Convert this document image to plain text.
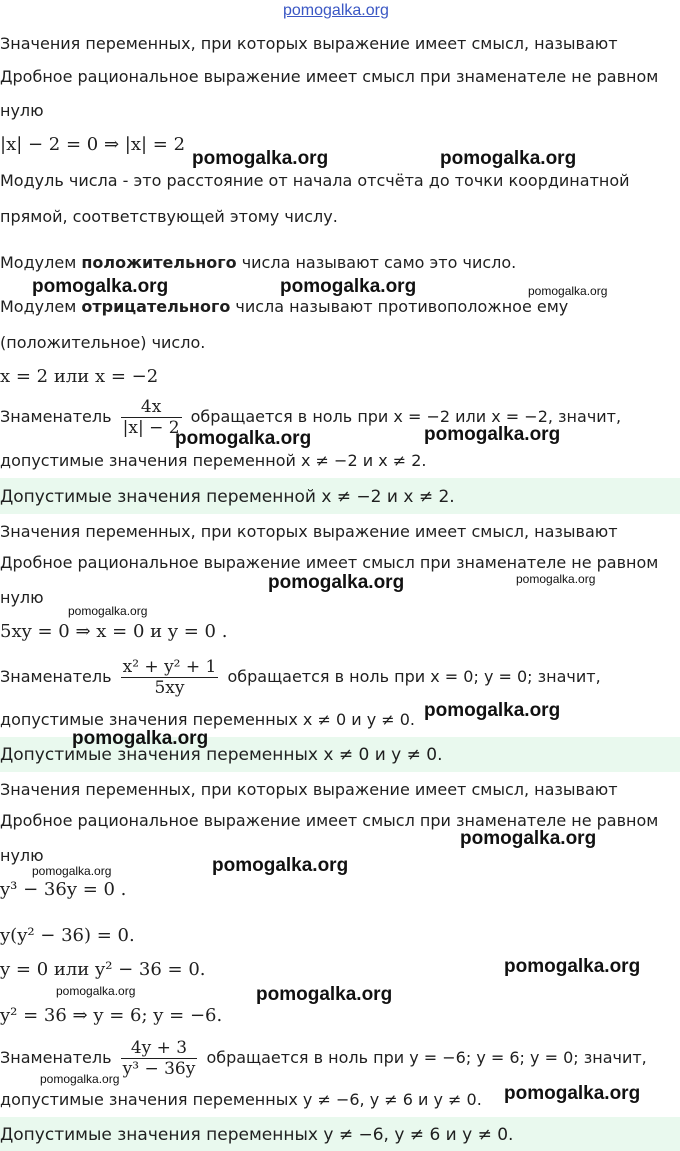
pomogalka.org
Значения переменных, при которых выражение имеет смысл, называют
Дробное рациональное выражение имеет смысл при знаменателе не равном
нулю
|x| − 2 = 0 ⇒ |x| = 2
Модуль числа - это расстояние от начала отсчёта до точки координатной
прямой, соответствующей этому числу.
Модулем положительного числа называют само это число.
Модулем отрицательного числа называют противоположное ему
(положительное) число.
x = 2 или x = −2
Знаменатель $\frac{4x}{|x| - 2}$ обращается в ноль при x = −2 или x = −2, значит,
допустимые значения переменной x ≠ −2 и x ≠ 2.
Допустимые значения переменной x ≠ −2 и x ≠ 2.
Значения переменных, при которых выражение имеет смысл, называют
Дробное рациональное выражение имеет смысл при знаменателе не равном
нулю
5xy = 0 ⇒ x = 0 и y = 0 .
Знаменатель $\frac{\text{x² + y² + 1}}{5xy}$ обращается в ноль при x = 0; y = 0; значит,
допустимые значения переменных x ≠ 0 и y ≠ 0.
Допустимые значения переменных x ≠ 0 и y ≠ 0.
Значения переменных, при которых выражение имеет смысл, называют
Дробное рациональное выражение имеет смысл при знаменателе не равном
нулю
y³ − 36y = 0 .
y(y² − 36) = 0.
y = 0 или y² − 36 = 0.
y² = 36 ⇒ y = 6; y = −6.
Знаменатель $\frac{4y + 3}{\text{y³ − 36y}}$ обращается в ноль при y = −6; y = 6; y = 0; значит,
допустимые значения переменных y ≠ −6, y ≠ 6 и y ≠ 0.
Допустимые значения переменных y ≠ −6, y ≠ 6 и y ≠ 0.
pomogalka.org	pomogalka.org
pomogalka.org	pomogalka.org	pomogalka.org
pomogalka.org	pomogalka.org
pomogalka.org	pomogalka.org
pomogalka.org
pomogalka.org
pomogalka.org
pomogalka.org
pomogalka.org
pomogalka.org
pomogalka.org
pomogalka.org	pomogalka.org
pomogalka.org
pomogalka.org
